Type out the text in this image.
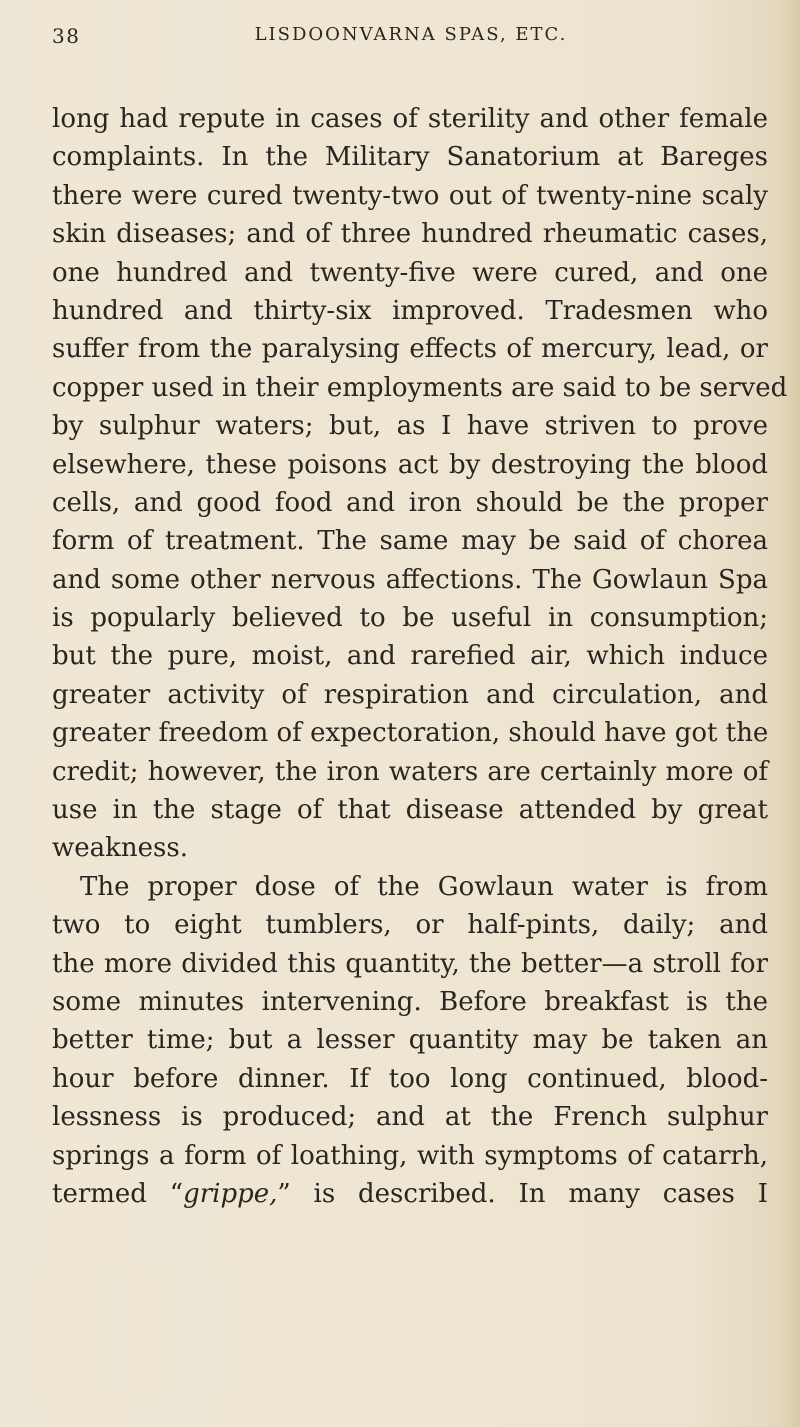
38	LISDOONVARNA SPAS, ETC.
long had repute in cases of sterility and other female
complaints. In the Military Sanatorium at Bareges
there were cured twenty-two out of twenty-nine scaly
skin diseases; and of three hundred rheumatic cases,
one hundred and twenty-five were cured, and one
hundred and thirty-six improved. Tradesmen who
suffer from the paralysing effects of mercury, lead, or
copper used in their employments are said to be served
by sulphur waters; but, as I have striven to prove
elsewhere, these poisons act by destroying the blood
cells, and good food and iron should be the proper
form of treatment. The same may be said of chorea
and some other nervous affections. The Gowlaun Spa
is popularly believed to be useful in consumption;
but the pure, moist, and rarefied air, which induce
greater activity of respiration and circulation, and
greater freedom of expectoration, should have got the
credit; however, the iron waters are certainly more of
use in the stage of that disease attended by great
weakness.
The proper dose of the Gowlaun water is from
two to eight tumblers, or half-pints, daily; and
the more divided this quantity, the better—a stroll for
some minutes intervening. Before breakfast is the
better time; but a lesser quantity may be taken an
hour before dinner. If too long continued, blood-
lessness is produced; and at the French sulphur
springs a form of loathing, with symptoms of catarrh,
termed “grippe,” is described. In many cases I
